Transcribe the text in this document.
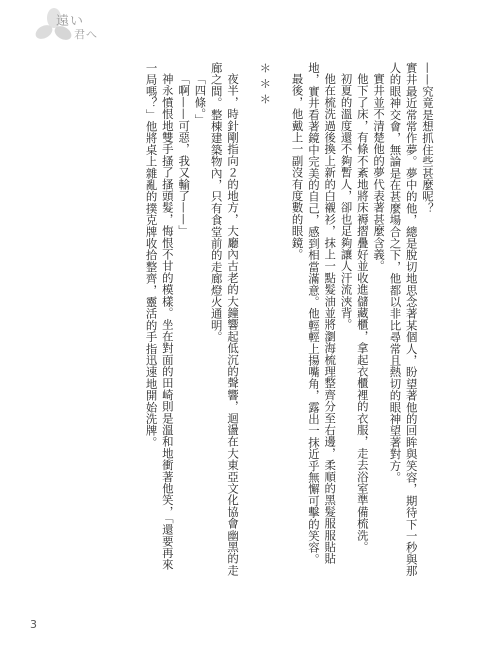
遠い
君へ

——究竟是想抓住些甚麼呢？

實井最近常常作夢。夢中的他，總是脫切地思念著某個人，盼望著他的回眸與笑容，期待下一秒與那人的眼神交會，無論是在甚麼場合之下，他都以非比尋常且熱切的眼神望著對方。

實井並不清楚他的夢代表著甚麼含義。

他下了床，有條不紊地將床褥摺疊好並收進儲藏櫃，拿起衣櫃裡的衣服，走去浴室準備梳洗。

初夏的溫度還不夠暫人，卻也足夠讓人汗流浹背。

他在梳洗過後換上新的白襯衫，抹上一點髮油並將瀏海梳理整齊分至右邊，柔順的黑髮服服貼貼地，實井看著鏡中完美的自己，感到相當滿意。他輕輕上揚嘴角，露出一抹近乎無懈可擊的笑容。

最後，他戴上一副沒有度數的眼鏡。

＊＊＊

夜半，時針剛指向２的地方，大廳內古老的大鐘響起低沉的聲響，迴盪在大東亞文化協會幽黑的走廊之間。整棟建築物內，只有食堂前的走廊燈火通明。

「四條。」

「啊——可惡，我又輸了——」

神永憤恨地雙手搔了搔頭髮，悔恨不甘的模樣。坐在對面的田崎則是溫和地衝著他笑，「還要再來一局嗎？」他將桌上雜亂的撲克牌收拾整齊，靈活的手指迅速地開始洗牌。

3
